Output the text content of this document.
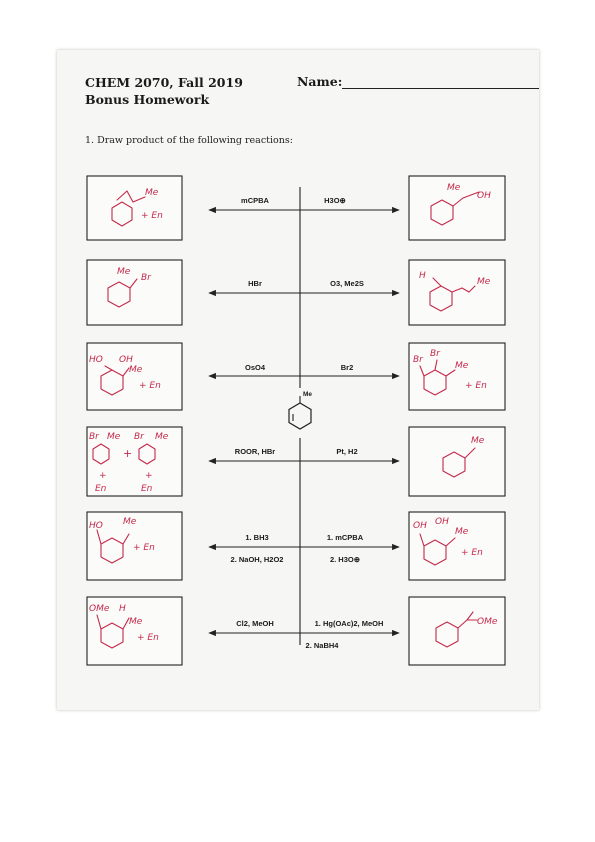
CHEM 2070, Fall 2019
Bonus Homework
Name:
1. Draw product of the following reactions:
Me
mCPBA	H3O⊕
HBr	O3, Me2S
OsO4	Br2
ROOR, HBr	Pt, H2
1. BH3
2. NaOH, H2O2
1. mCPBA
2. H3O⊕
Cl2, MeOH	1. Hg(OAc)2, MeOH
2. NaBH4
Me
+ En
Me
Br
HO OH
Me
+ En
Br Me Br Me
+
+	+
En	En
HO Me
+ En
OMe H
Me
+ En
Me
OH
H
Me
Br
Br
Me
+ En
Me
OH OH
Me
+ En
OMe
